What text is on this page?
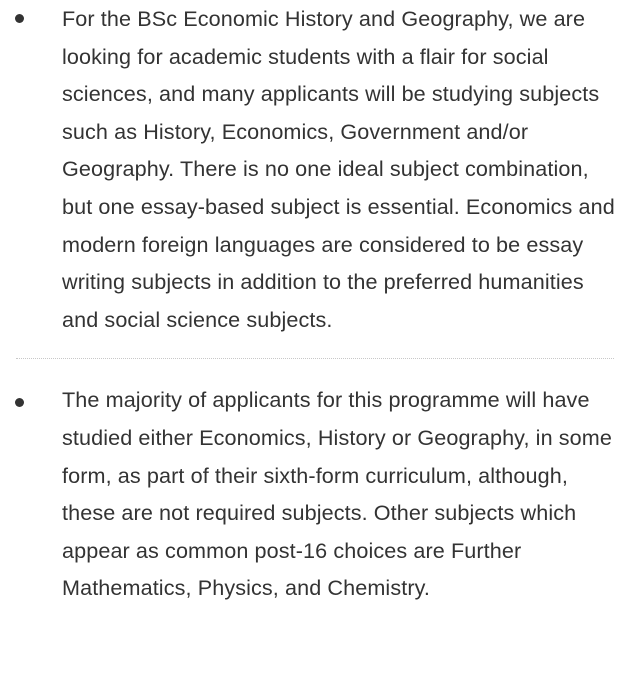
For the BSc Economic History and Geography, we are looking for academic students with a flair for social sciences, and many applicants will be studying subjects such as History, Economics, Government and/or Geography. There is no one ideal subject combination, but one essay-based subject is essential. Economics and modern foreign languages are considered to be essay writing subjects in addition to the preferred humanities and social science subjects.
The majority of applicants for this programme will have studied either Economics, History or Geography, in some form, as part of their sixth-form curriculum, although, these are not required subjects. Other subjects which appear as common post-16 choices are Further Mathematics, Physics, and Chemistry.
